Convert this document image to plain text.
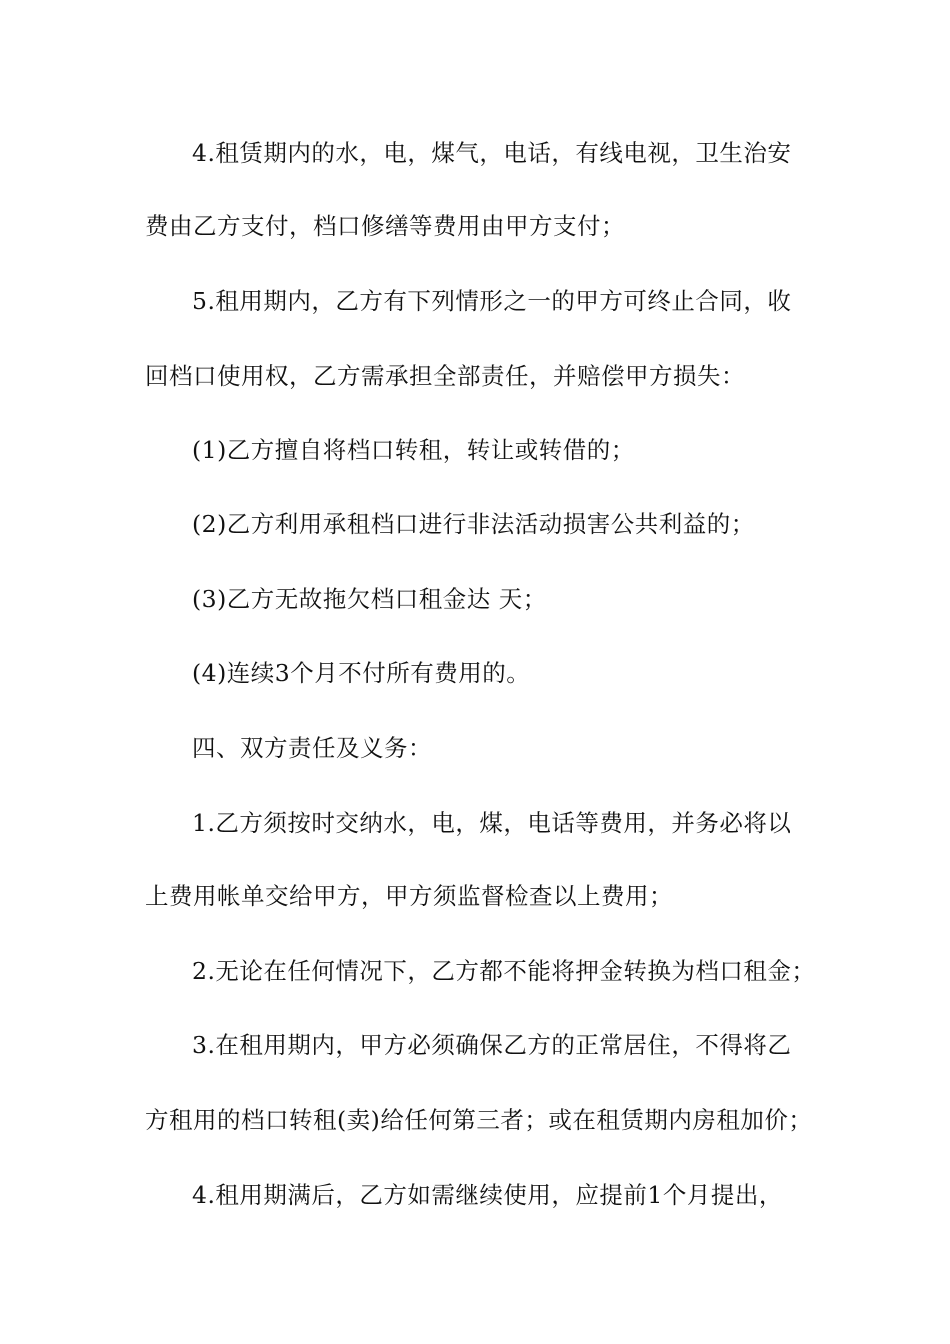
4.租赁期内的水，电，煤气，电话，有线电视，卫生治安
费由乙方支付，档口修缮等费用由甲方支付；
5.租用期内，乙方有下列情形之一的甲方可终止合同，收
回档口使用权，乙方需承担全部责任，并赔偿甲方损失：
(1)乙方擅自将档口转租，转让或转借的；
(2)乙方利用承租档口进行非法活动损害公共利益的；
(3)乙方无故拖欠档口租金达 天；
(4)连续3个月不付所有费用的。
四、双方责任及义务：
1.乙方须按时交纳水，电，煤，电话等费用，并务必将以
上费用帐单交给甲方，甲方须监督检查以上费用；
2.无论在任何情况下，乙方都不能将押金转换为档口租金；
3.在租用期内，甲方必须确保乙方的正常居住，不得将乙
方租用的档口转租(卖)给任何第三者；或在租赁期内房租加价；
4.租用期满后，乙方如需继续使用，应提前1个月提出，
